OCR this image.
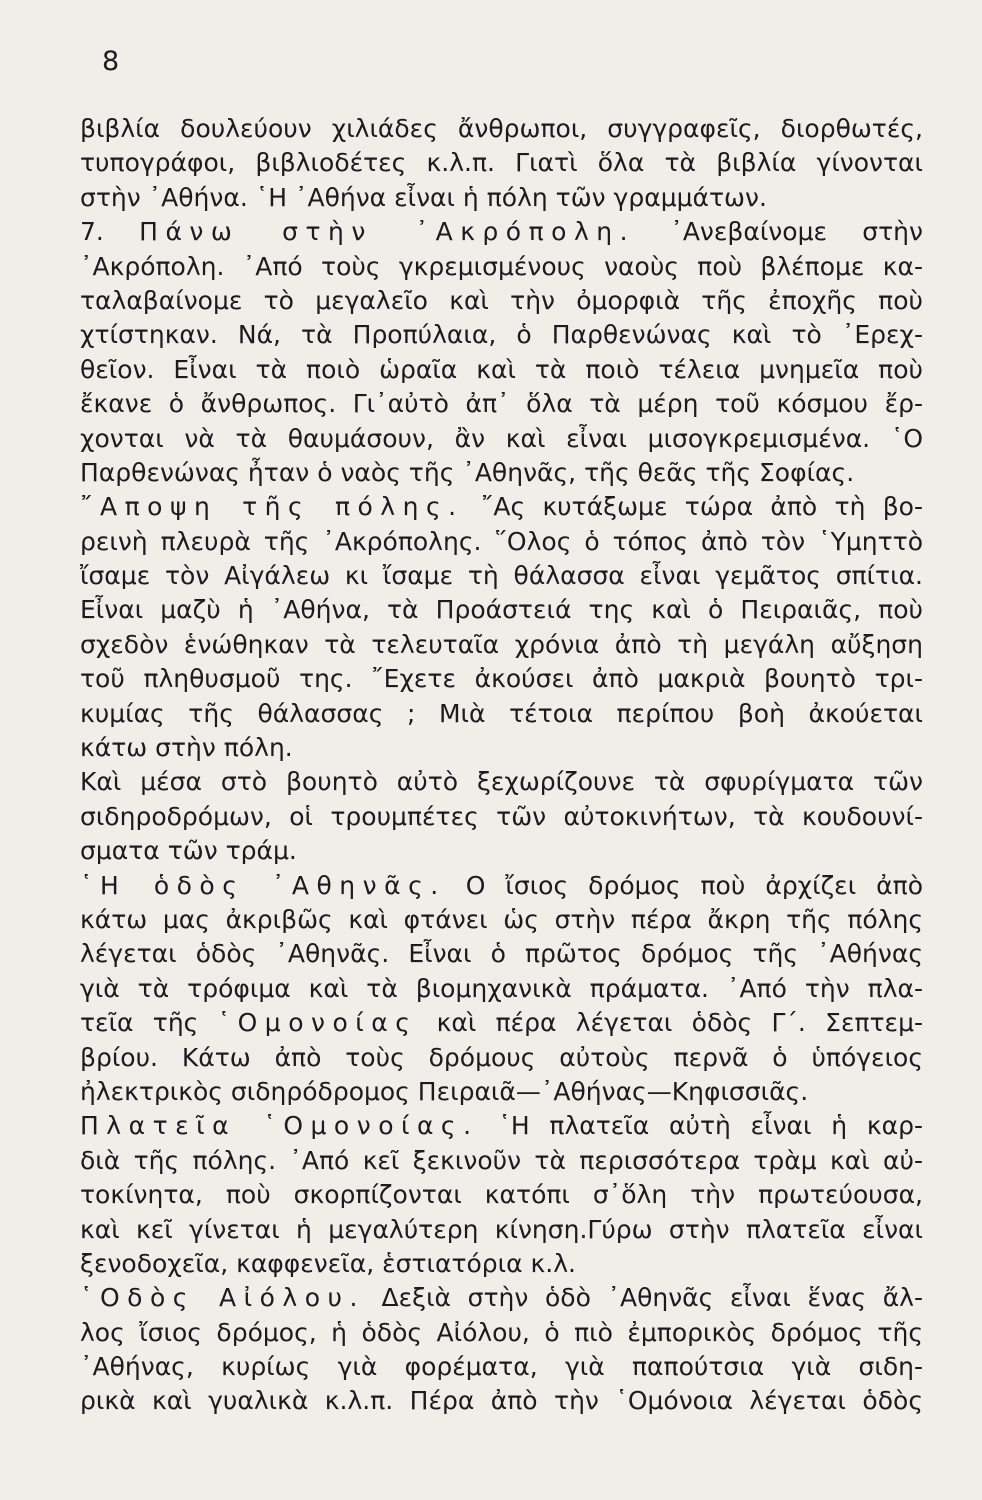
8
βιβλία δουλεύουν χιλιάδες ἄνθρωποι, συγγραφεῖς, διορθωτές,
τυπογράφοι, βιβλιοδέτες κ.λ.π. Γιατὶ ὅλα τὰ βιβλία γίνονται
στὴν ᾽Αθήνα. ῾Η ᾽Αθήνα εἶναι ἡ πόλη τῶν γραμμάτων.
7. Πάνω στὴν ᾽Ακρόπολη. ᾽Ανεβαίνομε στὴν
᾽Ακρόπολη. ᾽Από τοὺς γκρεμισμένους ναοὺς ποὺ βλέπομε κα-
ταλαβαίνομε τὸ μεγαλεῖο καὶ τὴν ὀμορφιὰ τῆς ἐποχῆς ποὺ
χτίστηκαν. Νά, τὰ Προπύλαια, ὁ Παρθενώνας καὶ τὸ ᾽Ερεχ-
θεῖον. Εἶναι τὰ ποιὸ ὡραῖα καὶ τὰ ποιὸ τέλεια μνημεῖα ποὺ
ἔκανε ὁ ἄνθρωπος. Γι᾽αὐτὸ ἀπ᾽ ὅλα τὰ μέρη τοῦ κόσμου ἔρ-
χονται νὰ τὰ θαυμάσουν, ἂν καὶ εἶναι μισογκρεμισμένα. ῾Ο
Παρθενώνας ἦταν ὁ ναὸς τῆς ᾽Αθηνᾶς, τῆς θεᾶς τῆς Σοφίας.
῎Αποψη τῆς πόλης. ῎Ας κυτάξωμε τώρα ἀπὸ τὴ βο-
ρεινὴ πλευρὰ τῆς ᾽Ακρόπολης. ῞Ολος ὁ τόπος ἀπὸ τὸν ῾Υμηττὸ
ἴσαμε τὸν Αἰγάλεω κι ἴσαμε τὴ θάλασσα εἶναι γεμᾶτος σπίτια.
Εἶναι μαζὺ ἡ ᾽Αθήνα, τὰ Προάστειά της καὶ ὁ Πειραιᾶς, ποὺ
σχεδὸν ἑνώθηκαν τὰ τελευταῖα χρόνια ἀπὸ τὴ μεγάλη αὔξηση
τοῦ πληθυσμοῦ της. ῎Εχετε ἀκούσει ἀπὸ μακριὰ βουητὸ τρι-
κυμίας τῆς θάλασσας ; Μιὰ τέτοια περίπου βοὴ ἀκούεται
κάτω στὴν πόλη.
Καὶ μέσα στὸ βουητὸ αὐτὸ ξεχωρίζουνε τὰ σφυρίγματα τῶν
σιδηροδρόμων, οἱ τρουμπέτες τῶν αὐτοκινήτων, τὰ κουδουνί-
σματα τῶν τράμ.
῾Η ὁδὸς ᾽Αθηνᾶς. Ο ἴσιος δρόμος ποὺ ἀρχίζει ἀπὸ
κάτω μας ἀκριβῶς καὶ φτάνει ὡς στὴν πέρα ἄκρη τῆς πόλης
λέγεται ὁδὸς ᾽Αθηνᾶς. Εἶναι ὁ πρῶτος δρόμος τῆς ᾽Αθήνας
γιὰ τὰ τρόφιμα καὶ τὰ βιομηχανικὰ πράματα. ᾽Από τὴν πλα-
τεῖα τῆς ῾Ομονοίας καὶ πέρα λέγεται ὁδὸς Γ΄. Σεπτεμ-
βρίου. Κάτω ἀπὸ τοὺς δρόμους αὐτοὺς περνᾶ ὁ ὑπόγειος
ἠλεκτρικὸς σιδηρόδρομος Πειραιᾶ—᾽Αθήνας—Κηφισσιᾶς.
Πλατεῖα ῾Ομονοίας. ῾Η πλατεῖα αὐτὴ εἶναι ἡ καρ-
διὰ τῆς πόλης. ᾽Από κεῖ ξεκινοῦν τὰ περισσότερα τρὰμ καὶ αὐ-
τοκίνητα, ποὺ σκορπίζονται κατόπι σ᾽ὅλη τὴν πρωτεύουσα,
καὶ κεῖ γίνεται ἡ μεγαλύτερη κίνηση.Γύρω στὴν πλατεῖα εἶναι
ξενοδοχεῖα, καφφενεῖα, ἑστιατόρια κ.λ.
῾Οδὸς Αἰόλου. Δεξιὰ στὴν ὁδὸ ᾽Αθηνᾶς εἶναι ἕνας ἄλ-
λος ἴσιος δρόμος, ἡ ὁδὸς Αἰόλου, ὁ πιὸ ἐμπορικὸς δρόμος τῆς
᾽Αθήνας, κυρίως γιὰ φορέματα, γιὰ παπούτσια γιὰ σιδη-
ρικὰ καὶ γυαλικὰ κ.λ.π. Πέρα ἀπὸ τὴν ῾Ομόνοια λέγεται ὁδὸς
